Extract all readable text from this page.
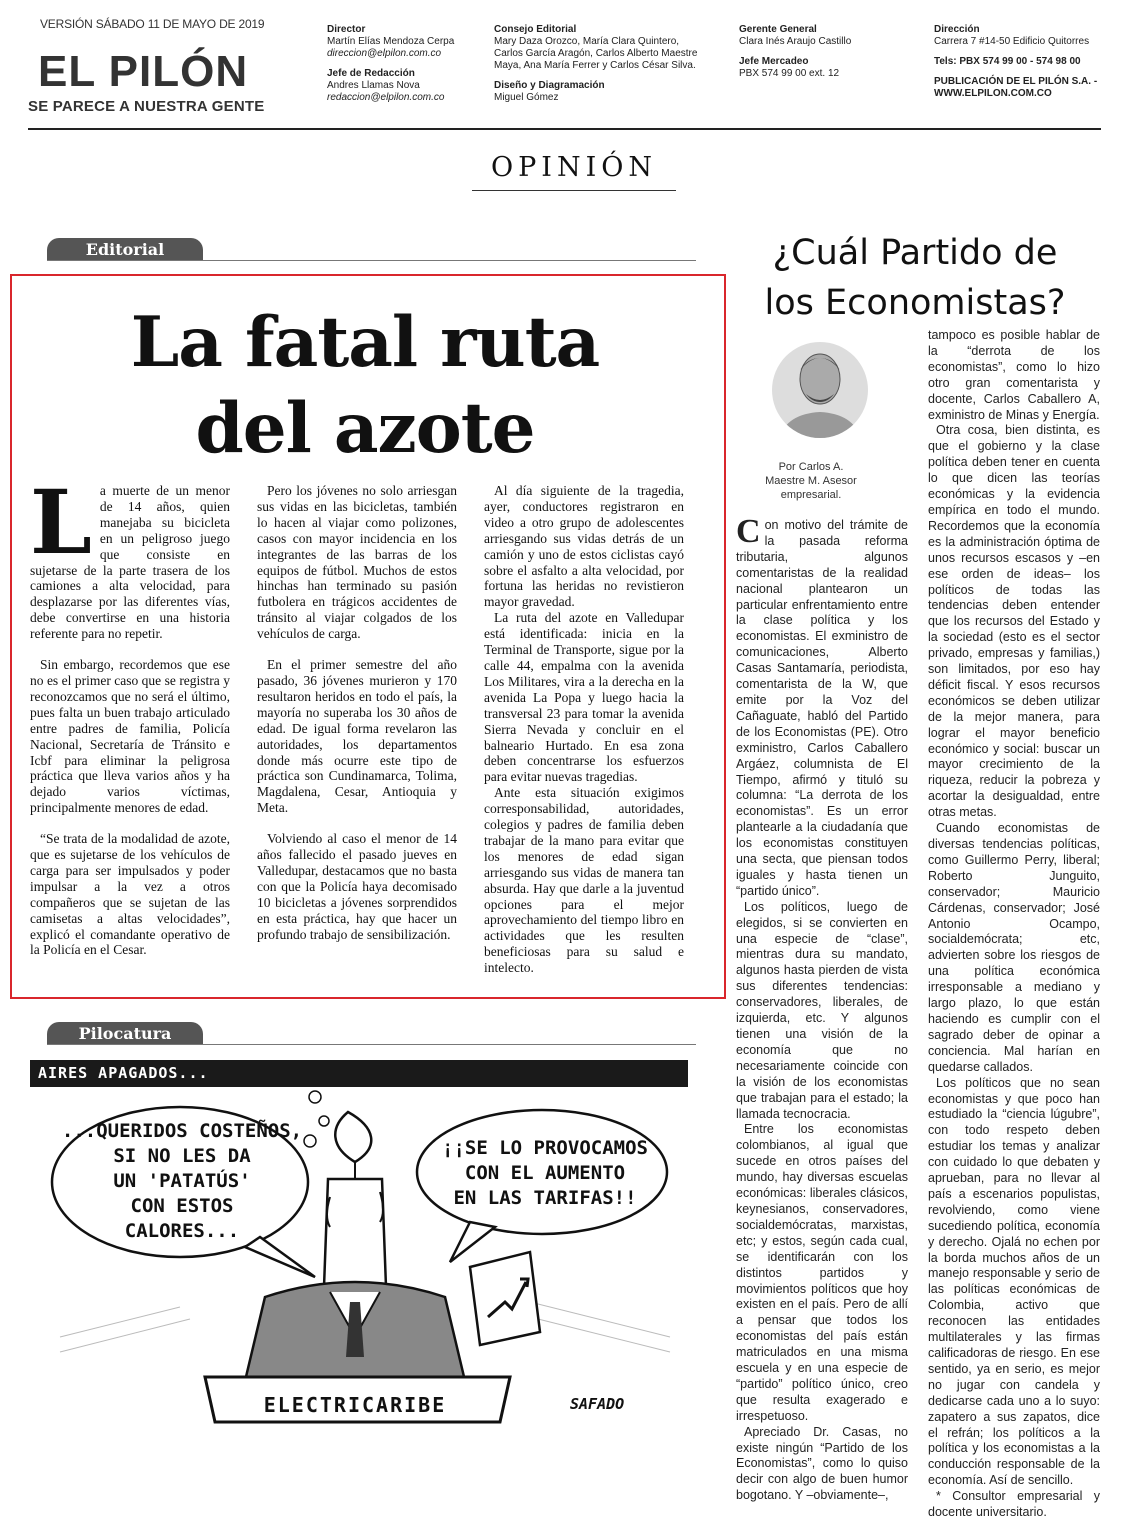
VERSIÓN SÁBADO 11 DE MAYO DE 2019
EL PILÓN
SE PARECE A NUESTRA GENTE
Director
Martín Elías Mendoza Cerpa
direccion@elpilon.com.co
Jefe de Redacción
Andres Llamas Nova
redaccion@elpilon.com.co
Consejo Editorial
Mary Daza Orozco, María Clara Quintero, Carlos García Aragón, Carlos Alberto Maestre Maya, Ana María Ferrer y Carlos César Silva.
Diseño y Diagramación
Miguel Gómez
Gerente General
Clara Inés Araujo Castillo
Jefe Mercadeo
PBX 574 99 00 ext. 12
Dirección
Carrera 7 #14-50 Edificio Quitorres
Tels: PBX 574 99 00 - 574 98 00
PUBLICACIÓN DE EL PILÓN S.A. - WWW.ELPILON.COM.CO
OPINIÓN
Editorial
La fatal ruta
del azote

La muerte de un menor de 14 años, quien manejaba su bicicleta en un peligroso juego que consiste en sujetarse de la parte trasera de los camiones a alta velocidad, para desplazarse por las diferentes vías, debe convertirse en una historia referente para no repetir.

Sin embargo, recordemos que ese no es el primer caso que se registra y reconozcamos que no será el último, pues falta un buen trabajo articulado entre padres de familia, Policía Nacional, Secretaría de Tránsito e Icbf para eliminar la peligrosa práctica que lleva varios años y ha dejado varios víctimas, principalmente menores de edad.

“Se trata de la modalidad de azote, que es sujetarse de los vehículos de carga para ser impulsados y poder impulsar a la vez a otros compañeros que se sujetan de las camisetas a altas velocidades”, explicó el comandante operativo de la Policía en el Cesar.

Pero los jóvenes no solo arriesgan sus vidas en las bicicletas, también lo hacen al viajar como polizones, casos con mayor incidencia en los integrantes de las barras de los equipos de fútbol. Muchos de estos hinchas han terminado su pasión futbolera en trágicos accidentes de tránsito al viajar colgados de los vehículos de carga.

En el primer semestre del año pasado, 36 jóvenes murieron y 170 resultaron heridos en todo el país, la mayoría no superaba los 30 años de edad. De igual forma revelaron las autoridades, los departamentos donde más ocurre este tipo de práctica son Cundinamarca, Tolima, Magdalena, Cesar, Antioquia y Meta.

Volviendo al caso el menor de 14 años fallecido el pasado jueves en Valledupar, destacamos que no basta con que la Policía haya decomisado 10 bicicletas a jóvenes sorprendidos en esta práctica, hay que hacer un profundo trabajo de sensibilización.

Al día siguiente de la tragedia, ayer, conductores registraron en video a otro grupo de adolescentes arriesgando sus vidas detrás de un camión y uno de estos ciclistas cayó sobre el asfalto a alta velocidad, por fortuna las heridas no revistieron mayor gravedad.

La ruta del azote en Valledupar está identificada: inicia en la Terminal de Transporte, sigue por la calle 44, empalma con la avenida Los Militares, vira a la derecha en la avenida La Popa y luego hacia la transversal 23 para tomar la avenida Sierra Nevada y concluir en el balneario Hurtado. En esa zona deben concentrarse los esfuerzos para evitar nuevas tragedias.

Ante esta situación exigimos corresponsabilidad, autoridades, colegios y padres de familia deben trabajar de la mano para evitar que los menores de edad sigan arriesgando sus vidas de manera tan absurda. Hay que darle a la juventud opciones para el mejor aprovechamiento del tiempo libro en actividades que les resulten beneficiosas para su salud e intelecto.

Pilocatura
AIRES APAGADOS...
...QUERIDOS COSTEÑOS,
SI NO LES DA
UN 'PATATÚS'
CON ESTOS
CALORES...
¡¡SE LO PROVOCAMOS
CON EL AUMENTO
EN LAS TARIFAS!!
ELECTRICARIBE	SAFADO
¿Cuál Partido de
los Economistas?
Por Carlos A.
Maestre M. Asesor
empresarial.

Con motivo del trámite de la pasada reforma tributaria, algunos comentaristas de la realidad nacional plantearon un particular enfrentamiento entre la clase política y los economistas. El exministro de comunicaciones, Alberto Casas Santamaría, periodista, comentarista de la W, que emite por la Voz del Cañaguate, habló del Partido de los Economistas (PE). Otro exministro, Carlos Caballero Argáez, columnista de El Tiempo, afirmó y tituló su columna: “La derrota de los economistas”. Es un error plantearle a la ciudadanía que los economistas constituyen una secta, que piensan todos iguales y hasta tienen un “partido único”.

Los políticos, luego de elegidos, si se convierten en una especie de “clase”, mientras dura su mandato, algunos hasta pierden de vista sus diferentes tendencias: conservadores, liberales, de izquierda, etc. Y algunos tienen una visión de la economía que no necesariamente coincide con la visión de los economistas que trabajan para el estado; la llamada tecnocracia.

Entre los economistas colombianos, al igual que sucede en otros países del mundo, hay diversas escuelas económicas: liberales clásicos, keynesianos, conservadores, socialdemócratas, marxistas, etc; y estos, según cada cual, se identificarán con los distintos partidos y movimientos políticos que hoy existen en el país. Pero de allí a pensar que todos los economistas del país están matriculados en una misma escuela y en una especie de “partido” político único, creo que resulta exagerado e irrespetuoso.

Apreciado Dr. Casas, no existe ningún “Partido de los Economistas”, como lo quiso decir con algo de buen humor bogotano. Y –obviamente–,

tampoco es posible hablar de la “derrota de los economistas”, como lo hizo otro gran comentarista y docente, Carlos Caballero A, exministro de Minas y Energía.

Otra cosa, bien distinta, es que el gobierno y la clase política deben tener en cuenta lo que dicen las teorías económicas y la evidencia empírica en todo el mundo. Recordemos que la economía es la administración óptima de unos recursos escasos y –en ese orden de ideas– los políticos de todas las tendencias deben entender que los recursos del Estado y la sociedad (esto es el sector privado, empresas y familias,) son limitados, por eso hay déficit fiscal. Y esos recursos económicos se deben utilizar de la mejor manera, para lograr el mayor beneficio económico y social: buscar un mayor crecimiento de la riqueza, reducir la pobreza y acortar la desigualdad, entre otras metas.

Cuando economistas de diversas tendencias políticas, como Guillermo Perry, liberal; Roberto Junguito, conservador; Mauricio Cárdenas, conservador; José Antonio Ocampo, socialdemócrata; etc, advierten sobre los riesgos de una política económica irresponsable a mediano y largo plazo, lo que están haciendo es cumplir con el sagrado deber de opinar a conciencia. Mal harían en quedarse callados.

Los políticos que no sean economistas y que poco han estudiado la “ciencia lúgubre”, con todo respeto deben estudiar los temas y analizar con cuidado lo que debaten y aprueban, para no llevar al país a escenarios populistas, revolviendo, como viene sucediendo política, economía y derecho. Ojalá no echen por la borda muchos años de un manejo responsable y serio de las políticas económicas de Colombia, activo que reconocen las entidades multilaterales y las firmas calificadoras de riesgo. En ese sentido, ya en serio, es mejor no jugar con candela y dedicarse cada uno a lo suyo: zapatero a sus zapatos, dice el refrán; los políticos a la política y los economistas a la conducción responsable de la economía. Así de sencillo.

* Consultor empresarial y docente universitario.
